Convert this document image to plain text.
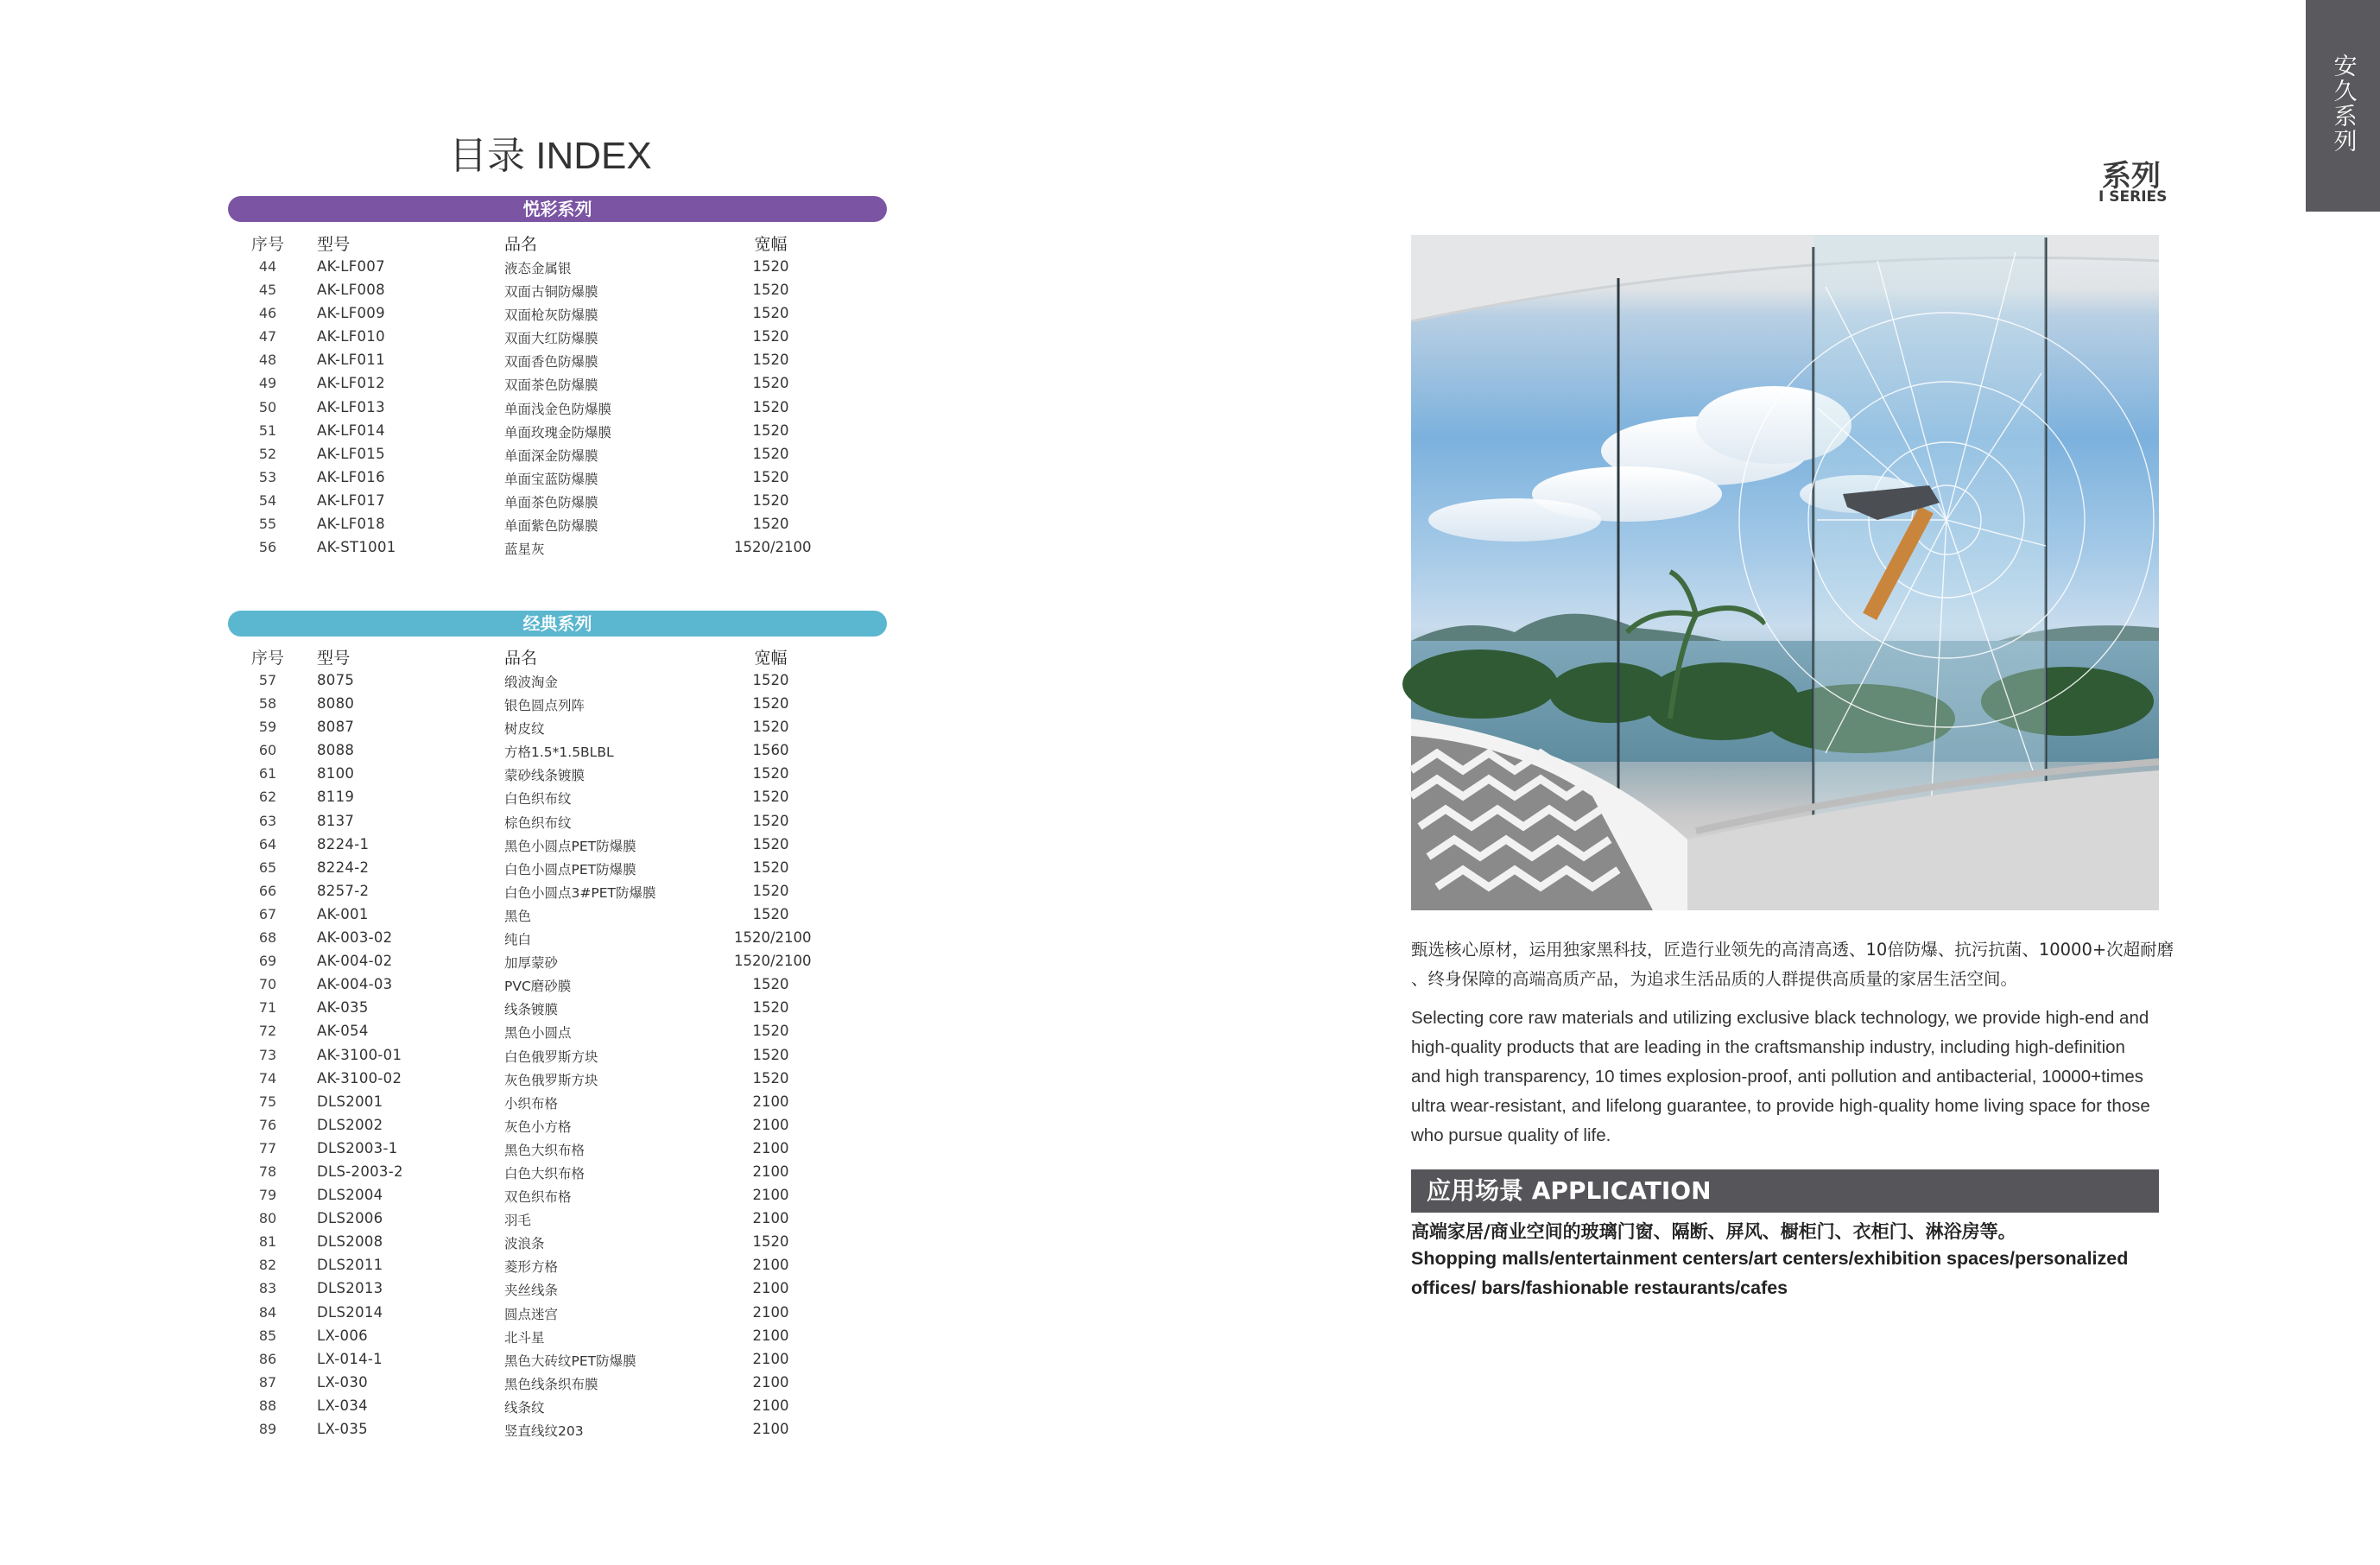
目录 INDEX
悦彩系列
序号 型号	品名	宽幅
44	AK-LF007	液态金属银	1520
45	AK-LF008	双面古铜防爆膜	1520
46	AK-LF009	双面枪灰防爆膜	1520
47	AK-LF010	双面大红防爆膜	1520
48	AK-LF011	双面香色防爆膜	1520
49	AK-LF012	双面茶色防爆膜	1520
50	AK-LF013	单面浅金色防爆膜	1520
51	AK-LF014	单面玫瑰金防爆膜	1520
52	AK-LF015	单面深金防爆膜	1520
53	AK-LF016	单面宝蓝防爆膜	1520
54	AK-LF017	单面茶色防爆膜	1520
55	AK-LF018	单面紫色防爆膜	1520
56	AK-ST1001	蓝星灰	1520/2100
经典系列
序号 型号	品名	宽幅
57	8075	缎波淘金	1520
58	8080	银色圆点列阵	1520
59	8087	树皮纹	1520
60	8088	方格1.5*1.5BLBL	1560
61	8100	蒙砂线条镀膜	1520
62	8119	白色织布纹	1520
63	8137	棕色织布纹	1520
64	8224-1	黑色小圆点PET防爆膜	1520
65	8224-2	白色小圆点PET防爆膜	1520
66	8257-2	白色小圆点3#PET防爆膜	1520
67	AK-001	黑色	1520
68	AK-003-02	纯白	1520/2100
69	AK-004-02	加厚蒙砂	1520/2100
70	AK-004-03	PVC磨砂膜	1520
71	AK-035	线条镀膜	1520
72	AK-054	黑色小圆点	1520
73	AK-3100-01	白色俄罗斯方块	1520
74	AK-3100-02	灰色俄罗斯方块	1520
75	DLS2001	小织布格	2100
76	DLS2002	灰色小方格	2100
77	DLS2003-1	黑色大织布格	2100
78	DLS-2003-2	白色大织布格	2100
79	DLS2004	双色织布格	2100
80	DLS2006	羽毛	2100
81	DLS2008	波浪条	1520
82	DLS2011	菱形方格	2100
83	DLS2013	夹丝线条	2100
84	DLS2014	圆点迷宫	2100
85	LX-006	北斗星	2100
86	LX-014-1	黑色大砖纹PET防爆膜	2100
87	LX-030	黑色线条织布膜	2100
88	LX-034	线条纹	2100
89	LX-035	竖直线纹203	2100
安久系列
系列
I SERIES
甄选核心原材，运用独家黑科技，匠造行业领先的高清高透、10倍防爆、抗污抗菌、10000+次超耐磨
、终身保障的高端高质产品，为追求生活品质的人群提供高质量的家居生活空间。
Selecting core raw materials and utilizing exclusive black technology, we provide high-end and high-quality products that are leading in the craftsmanship industry, including high-definition and high transparency, 10 times explosion-proof, anti pollution and antibacterial, 10000+times ultra wear-resistant, and lifelong guarantee, to provide high-quality home living space for those who pursue quality of life.
应用场景 APPLICATION
高端家居/商业空间的玻璃门窗、隔断、屏风、橱柜门、衣柜门、淋浴房等。
Shopping malls/entertainment centers/art centers/exhibition spaces/personalized offices/ bars/fashionable restaurants/cafes
